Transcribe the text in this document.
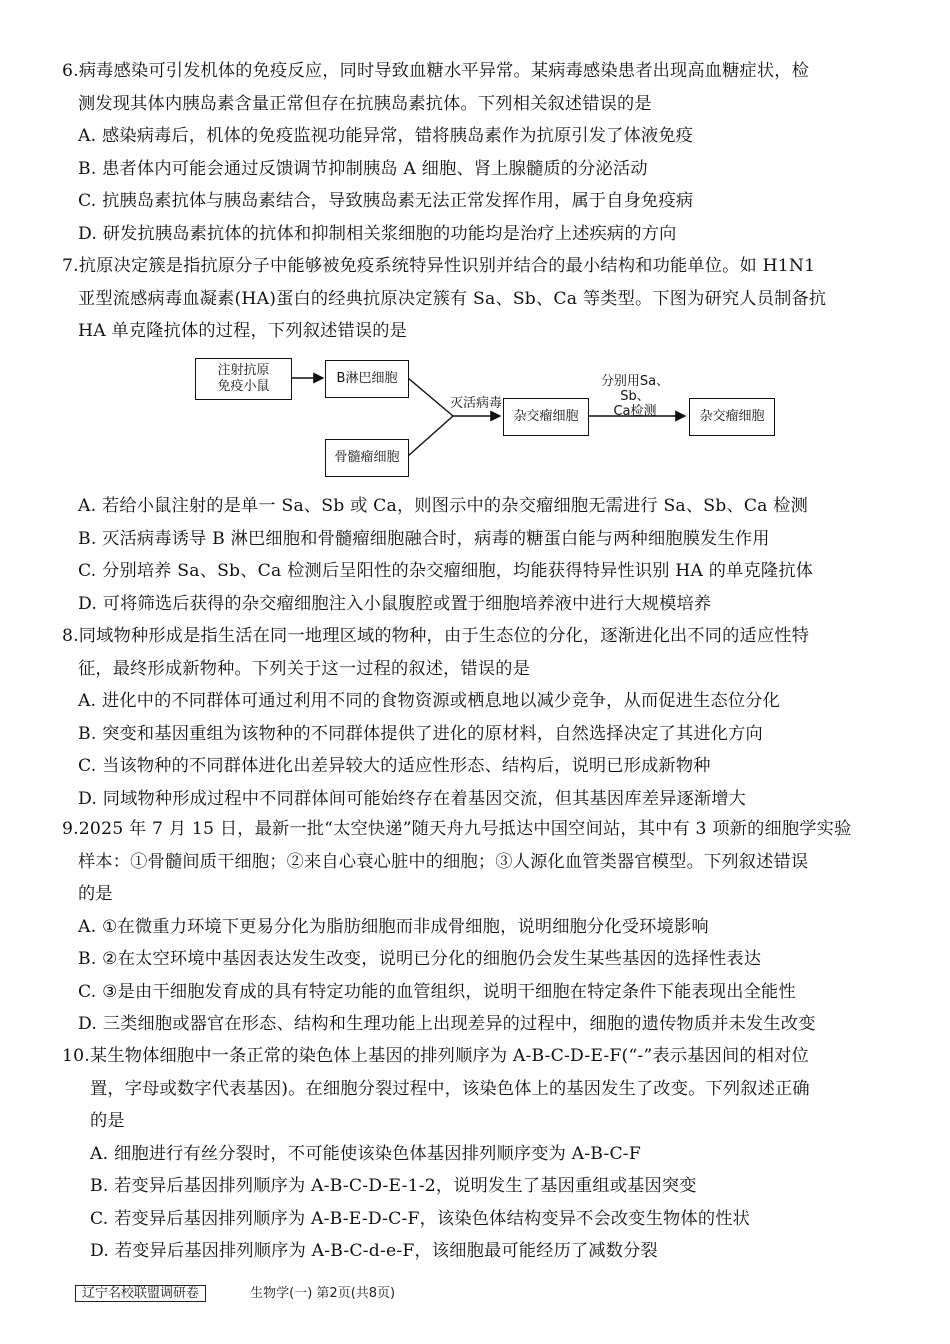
6.病毒感染可引发机体的免疫反应，同时导致血糖水平异常。某病毒感染患者出现高血糖症状，检

测发现其体内胰岛素含量正常但存在抗胰岛素抗体。下列相关叙述错误的是

A. 感染病毒后，机体的免疫监视功能异常，错将胰岛素作为抗原引发了体液免疫

B. 患者体内可能会通过反馈调节抑制胰岛 A 细胞、肾上腺髓质的分泌活动

C. 抗胰岛素抗体与胰岛素结合，导致胰岛素无法正常发挥作用，属于自身免疫病

D. 研发抗胰岛素抗体的抗体和抑制相关浆细胞的功能均是治疗上述疾病的方向

7.抗原决定簇是指抗原分子中能够被免疫系统特异性识别并结合的最小结构和功能单位。如 H1N1

亚型流感病毒血凝素(HA)蛋白的经典抗原决定簇有 Sa、Sb、Ca 等类型。下图为研究人员制备抗

HA 单克隆抗体的过程，下列叙述错误的是

注射抗原
免疫小鼠
B淋巴细胞
骨髓瘤细胞
灭活病毒
杂交瘤细胞
分别用Sa、Sb、
Ca检测	杂交瘤细胞

A. 若给小鼠注射的是单一 Sa、Sb 或 Ca，则图示中的杂交瘤细胞无需进行 Sa、Sb、Ca 检测

B. 灭活病毒诱导 B 淋巴细胞和骨髓瘤细胞融合时，病毒的糖蛋白能与两种细胞膜发生作用

C. 分别培养 Sa、Sb、Ca 检测后呈阳性的杂交瘤细胞，均能获得特异性识别 HA 的单克隆抗体

D. 可将筛选后获得的杂交瘤细胞注入小鼠腹腔或置于细胞培养液中进行大规模培养

8.同域物种形成是指生活在同一地理区域的物种，由于生态位的分化，逐渐进化出不同的适应性特

征，最终形成新物种。下列关于这一过程的叙述，错误的是

A. 进化中的不同群体可通过利用不同的食物资源或栖息地以减少竞争，从而促进生态位分化

B. 突变和基因重组为该物种的不同群体提供了进化的原材料，自然选择决定了其进化方向

C. 当该物种的不同群体进化出差异较大的适应性形态、结构后，说明已形成新物种

D. 同域物种形成过程中不同群体间可能始终存在着基因交流，但其基因库差异逐渐增大

9.2025 年 7 月 15 日，最新一批“太空快递”随天舟九号抵达中国空间站，其中有 3 项新的细胞学实验

样本：①骨髓间质干细胞；②来自心衰心脏中的细胞；③人源化血管类器官模型。下列叙述错误

的是

A. ①在微重力环境下更易分化为脂肪细胞而非成骨细胞，说明细胞分化受环境影响

B. ②在太空环境中基因表达发生改变，说明已分化的细胞仍会发生某些基因的选择性表达

C. ③是由干细胞发育成的具有特定功能的血管组织，说明干细胞在特定条件下能表现出全能性

D. 三类细胞或器官在形态、结构和生理功能上出现差异的过程中，细胞的遗传物质并未发生改变

10.某生物体细胞中一条正常的染色体上基因的排列顺序为 A-B-C-D-E-F(“-”表示基因间的相对位

置，字母或数字代表基因)。在细胞分裂过程中，该染色体上的基因发生了改变。下列叙述正确

的是

A. 细胞进行有丝分裂时，不可能使该染色体基因排列顺序变为 A-B-C-F

B. 若变异后基因排列顺序为 A-B-C-D-E-1-2，说明发生了基因重组或基因突变

C. 若变异后基因排列顺序为 A-B-E-D-C-F，该染色体结构变异不会改变生物体的性状

D. 若变异后基因排列顺序为 A-B-C-d-e-F，该细胞最可能经历了减数分裂

辽宁名校联盟调研卷	生物学(一) 第2页(共8页)
